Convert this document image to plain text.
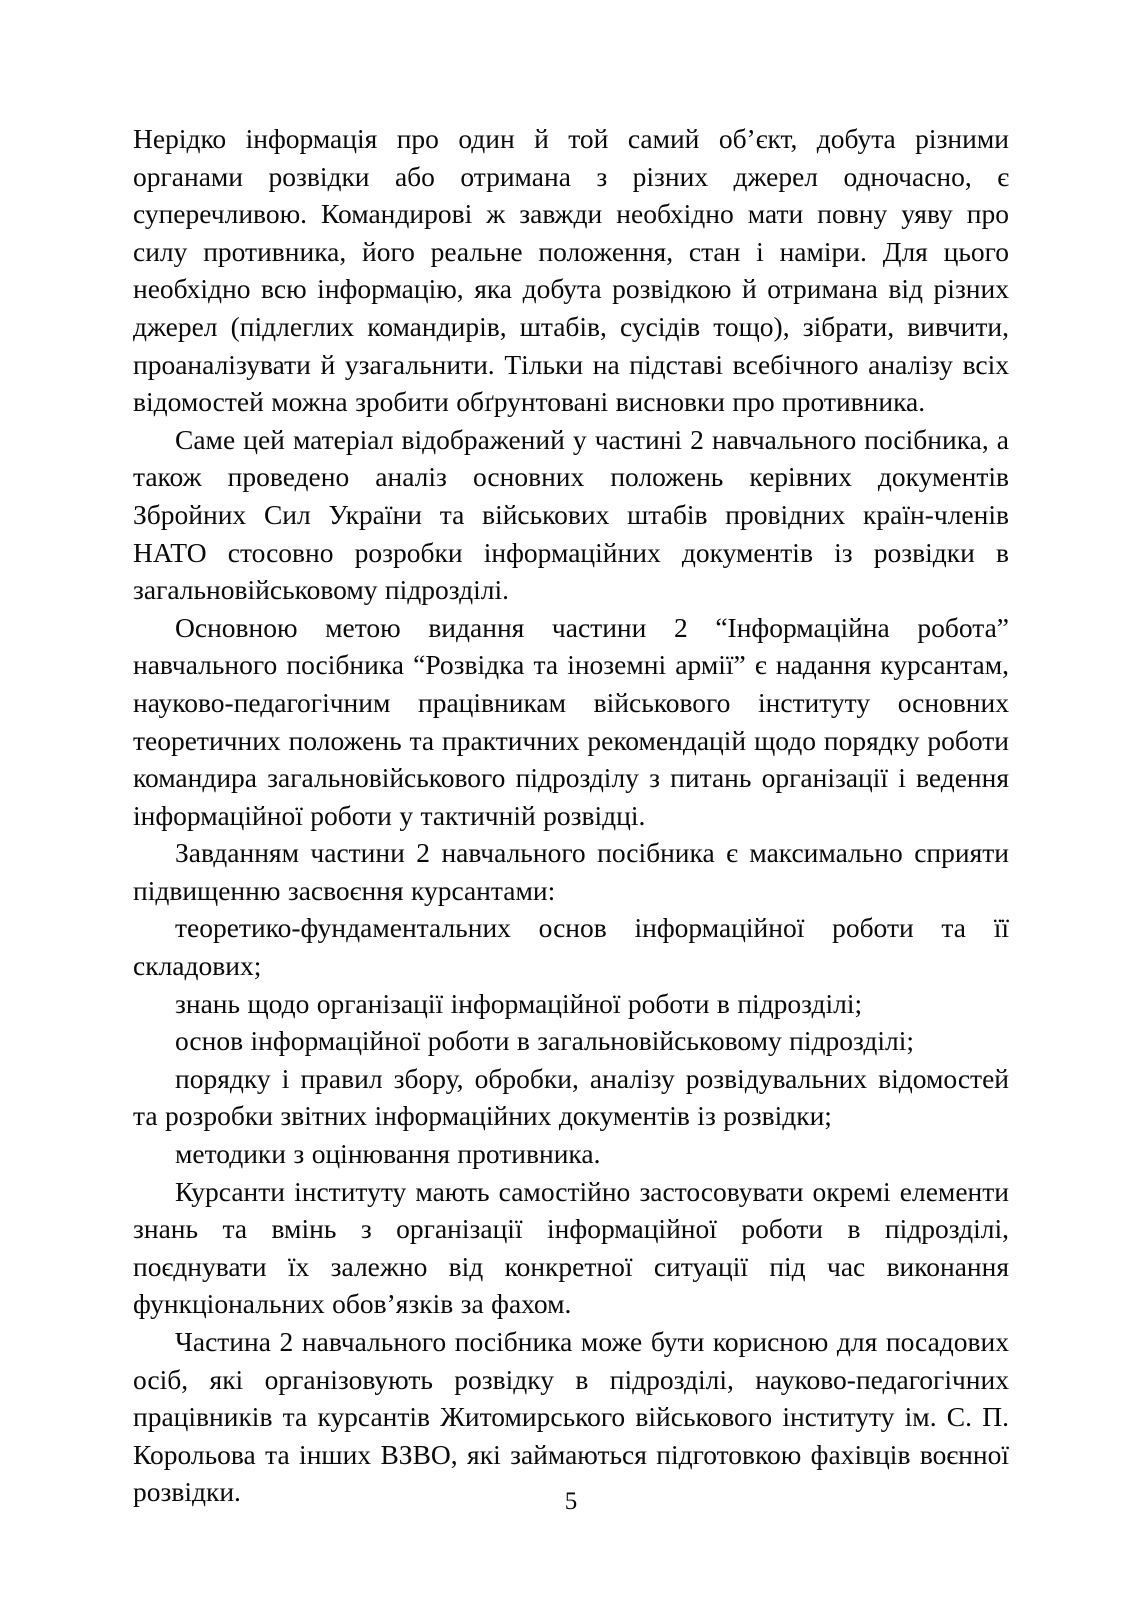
Нерідко інформація про один й той самий об’єкт, добута різними органами розвідки або отримана з різних джерел одночасно, є суперечливою. Командирові ж завжди необхідно мати повну уяву про силу противника, його реальне положення, стан і наміри. Для цього необхідно всю інформацію, яка добута розвідкою й отримана від різних джерел (підлеглих командирів, штабів, сусідів тощо), зібрати, вивчити, проаналізувати й узагальнити. Тільки на підставі всебічного аналізу всіх відомостей можна зробити обґрунтовані висновки про противника.

Саме цей матеріал відображений у частині 2 навчального посібника, а також проведено аналіз основних положень керівних документів Збройних Сил України та військових штабів провідних країн-членів НАТО стосовно розробки інформаційних документів із розвідки в загальновійськовому підрозділі.

Основною метою видання частини 2 “Інформаційна робота” навчального посібника “Розвідка та іноземні армії” є надання курсантам, науково-педагогічним працівникам військового інституту основних теоретичних положень та практичних рекомендацій щодо порядку роботи командира загальновійськового підрозділу з питань організації і ведення інформаційної роботи у тактичній розвідці.

Завданням частини 2 навчального посібника є максимально сприяти підвищенню засвоєння курсантами:

теоретико-фундаментальних основ інформаційної роботи та її складових;

знань щодо організації інформаційної роботи в підрозділі;

основ інформаційної роботи в загальновійськовому підрозділі;

порядку і правил збору, обробки, аналізу розвідувальних відомостей та розробки звітних інформаційних документів із розвідки;

методики з оцінювання противника.

Курсанти інституту мають самостійно застосовувати окремі елементи знань та вмінь з організації інформаційної роботи в підрозділі, поєднувати їх залежно від конкретної ситуації під час виконання функціональних обов’язків за фахом.

Частина 2 навчального посібника може бути корисною для посадових осіб, які організовують розвідку в підрозділі, науково-педагогічних працівників та курсантів Житомирського військового інституту ім. С. П. Корольова та інших ВЗВО, які займаються підготовкою фахівців воєнної розвідки.	5
